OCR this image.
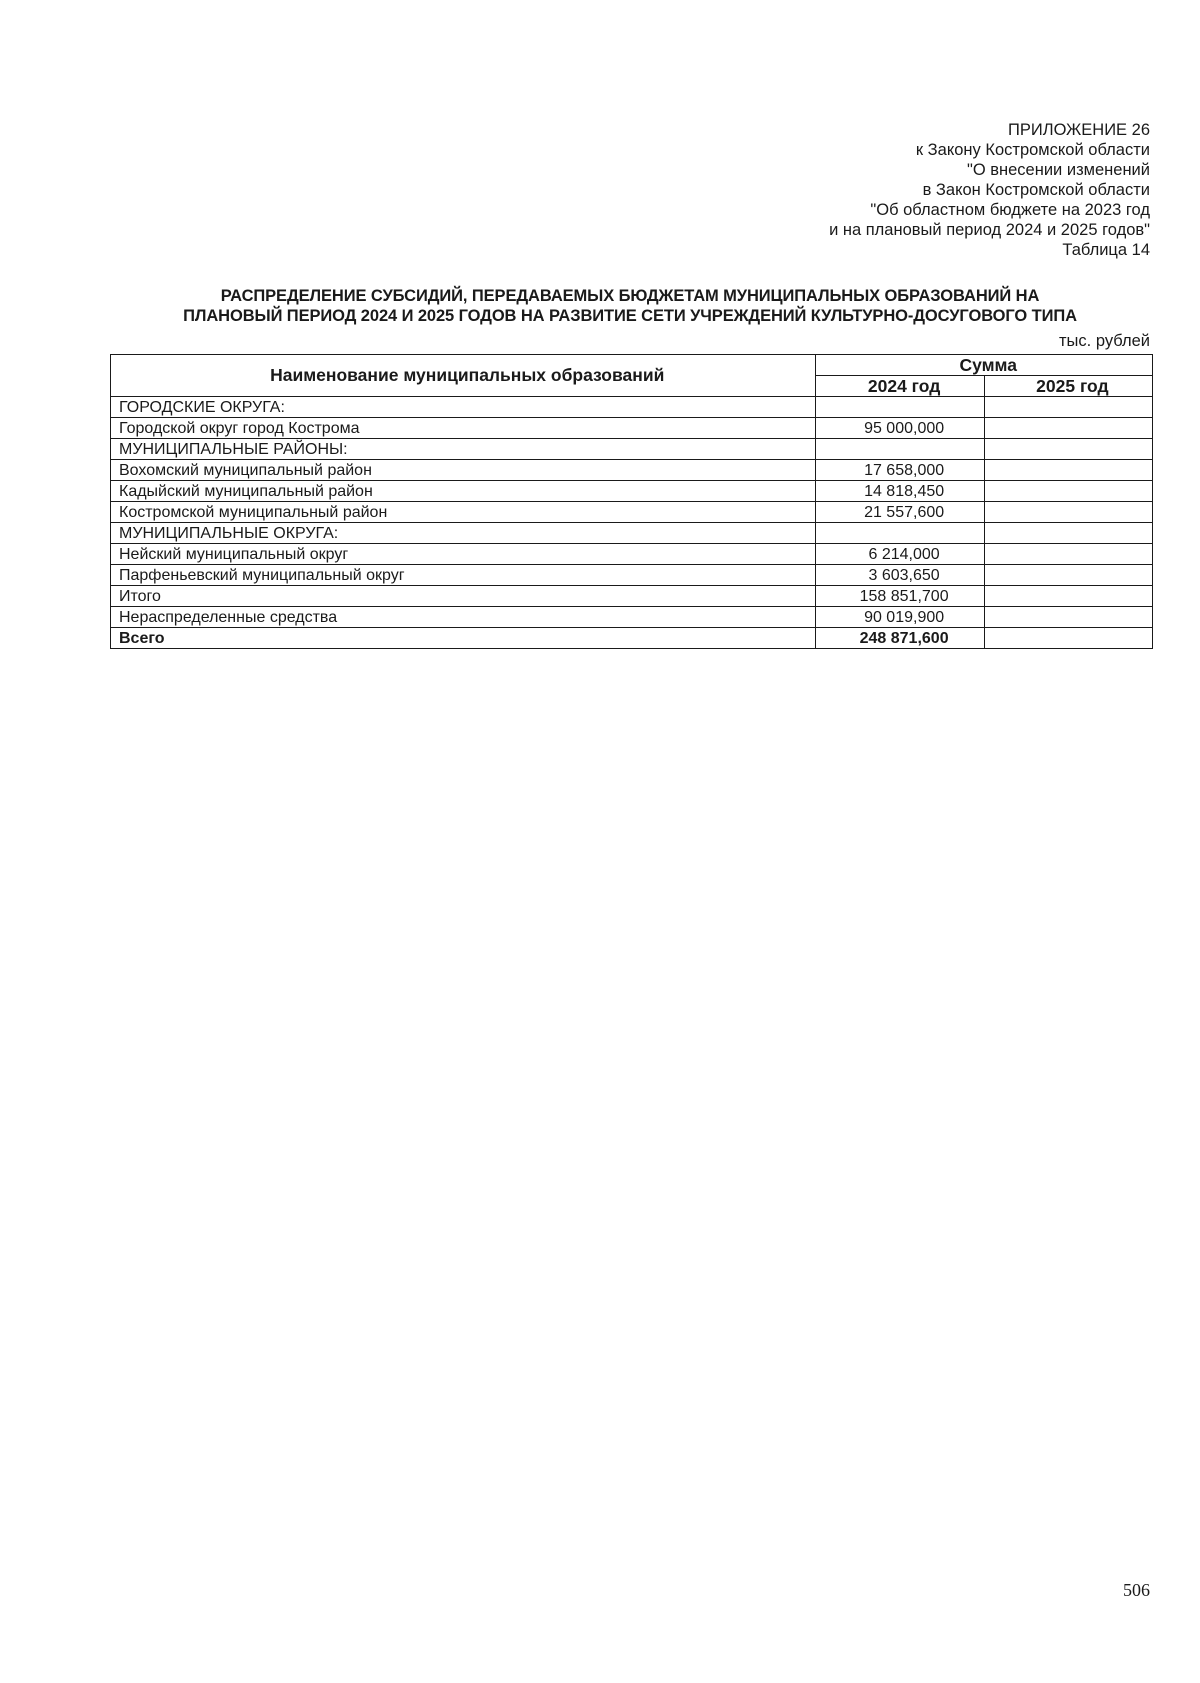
ПРИЛОЖЕНИЕ 26
к Закону Костромской области
"О внесении изменений
в Закон Костромской области
"Об областном бюджете на 2023 год
и на плановый период 2024 и 2025 годов"
Таблица 14
РАСПРЕДЕЛЕНИЕ СУБСИДИЙ, ПЕРЕДАВАЕМЫХ БЮДЖЕТАМ МУНИЦИПАЛЬНЫХ ОБРАЗОВАНИЙ НА
ПЛАНОВЫЙ ПЕРИОД 2024 И 2025 ГОДОВ НА РАЗВИТИЕ СЕТИ УЧРЕЖДЕНИЙ КУЛЬТУРНО-ДОСУГОВОГО ТИПА
тыс. рублей
Наименование муниципальных образований	Сумма	
	2024 год	2025 год
ГОРОДСКИЕ ОКРУГА:		
Городской округ город Кострома	95 000,000	
МУНИЦИПАЛЬНЫЕ РАЙОНЫ:		
Вохомский муниципальный район	17 658,000	
Кадыйский муниципальный район	14 818,450	
Костромской муниципальный район	21 557,600	
МУНИЦИПАЛЬНЫЕ ОКРУГА:		
Нейский муниципальный округ	6 214,000	
Парфеньевский муниципальный округ	3 603,650	
Итого	158 851,700	
Нераспределенные средства	90 019,900	
Всего	248 871,600	
506
